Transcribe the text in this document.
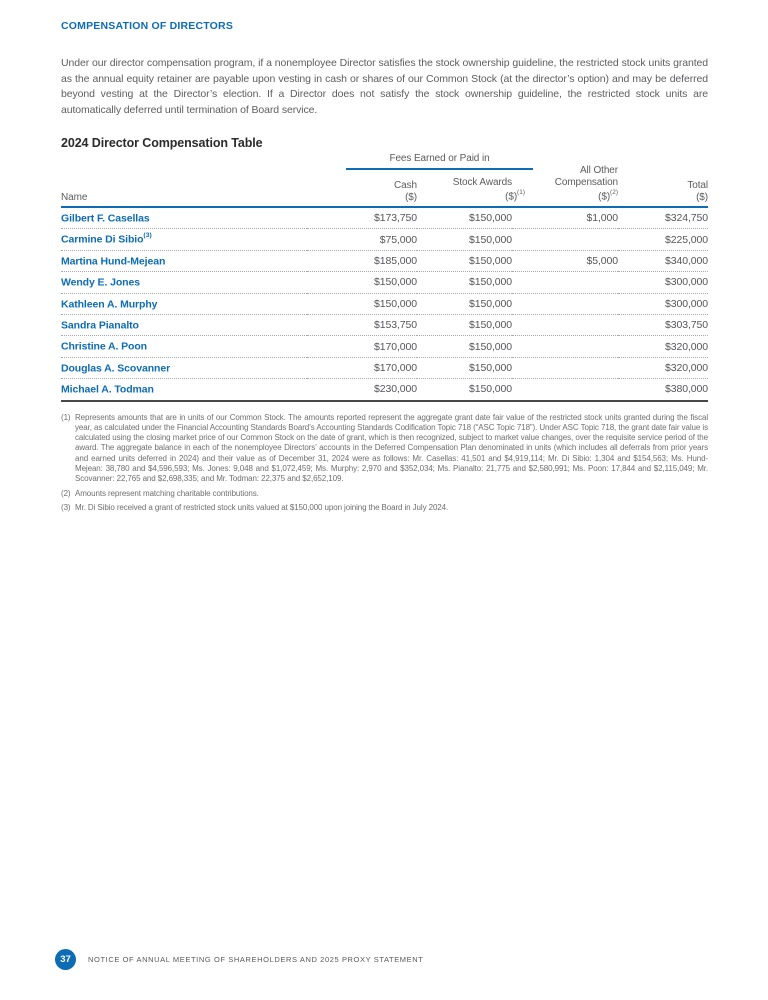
COMPENSATION OF DIRECTORS

Under our director compensation program, if a nonemployee Director satisfies the stock ownership guideline, the restricted stock units granted as the annual equity retainer are payable upon vesting in cash or shares of our Common Stock (at the director’s option) and may be deferred beyond vesting at the Director’s election. If a Director does not satisfy the stock ownership guideline, the restricted stock units are automatically deferred until termination of Board service.

2024 Director Compensation Table
Fees Earned or Paid in
Name
Cash
($)
Stock Awards
($)$^{(1)}$
All Other
Compensation
($)$^{(2)}$
Total
($)
Gilbert F. Casellas	$173,750	$150,000	$1,000	$324,750
Carmine Di Sibio$^{(3)}$	$75,000	$150,000		$225,000
Martina Hund-Mejean	$185,000	$150,000	$5,000	$340,000
Wendy E. Jones	$150,000	$150,000		$300,000
Kathleen A. Murphy	$150,000	$150,000		$300,000
Sandra Pianalto	$153,750	$150,000		$303,750
Christine A. Poon	$170,000	$150,000		$320,000
Douglas A. Scovanner	$170,000	$150,000		$320,000
Michael A. Todman	$230,000	$150,000		$380,000
(1) Represents amounts that are in units of our Common Stock. The amounts reported represent the aggregate grant date fair value of the restricted stock units granted during the fiscal year, as calculated under the Financial Accounting Standards Board’s Accounting Standards Codification Topic 718 (“ASC Topic 718”). Under ASC Topic 718, the grant date fair value is calculated using the closing market price of our Common Stock on the date of grant, which is then recognized, subject to market value changes, over the requisite service period of the award. The aggregate balance in each of the nonemployee Directors’ accounts in the Deferred Compensation Plan denominated in units (which includes all deferrals from prior years and earned units deferred in 2024) and their value as of December 31, 2024 were as follows: Mr. Casellas: 41,501 and $4,919,114; Mr. Di Sibio: 1,304 and $154,563; Ms. Hund-Mejean: 38,780 and $4,596,593; Ms. Jones: 9,048 and $1,072,459; Ms. Murphy: 2,970 and $352,034; Ms. Pianalto: 21,775 and $2,580,991; Ms. Poon: 17,844 and $2,115,049; Mr. Scovanner: 22,765 and $2,698,335; and Mr. Todman: 22,375 and $2,652,109.
(2) Amounts represent matching charitable contributions.
(3) Mr. Di Sibio received a grant of restricted stock units valued at $150,000 upon joining the Board in July 2024.
37	NOTICE OF ANNUAL MEETING OF SHAREHOLDERS AND 2025 PROXY STATEMENT
